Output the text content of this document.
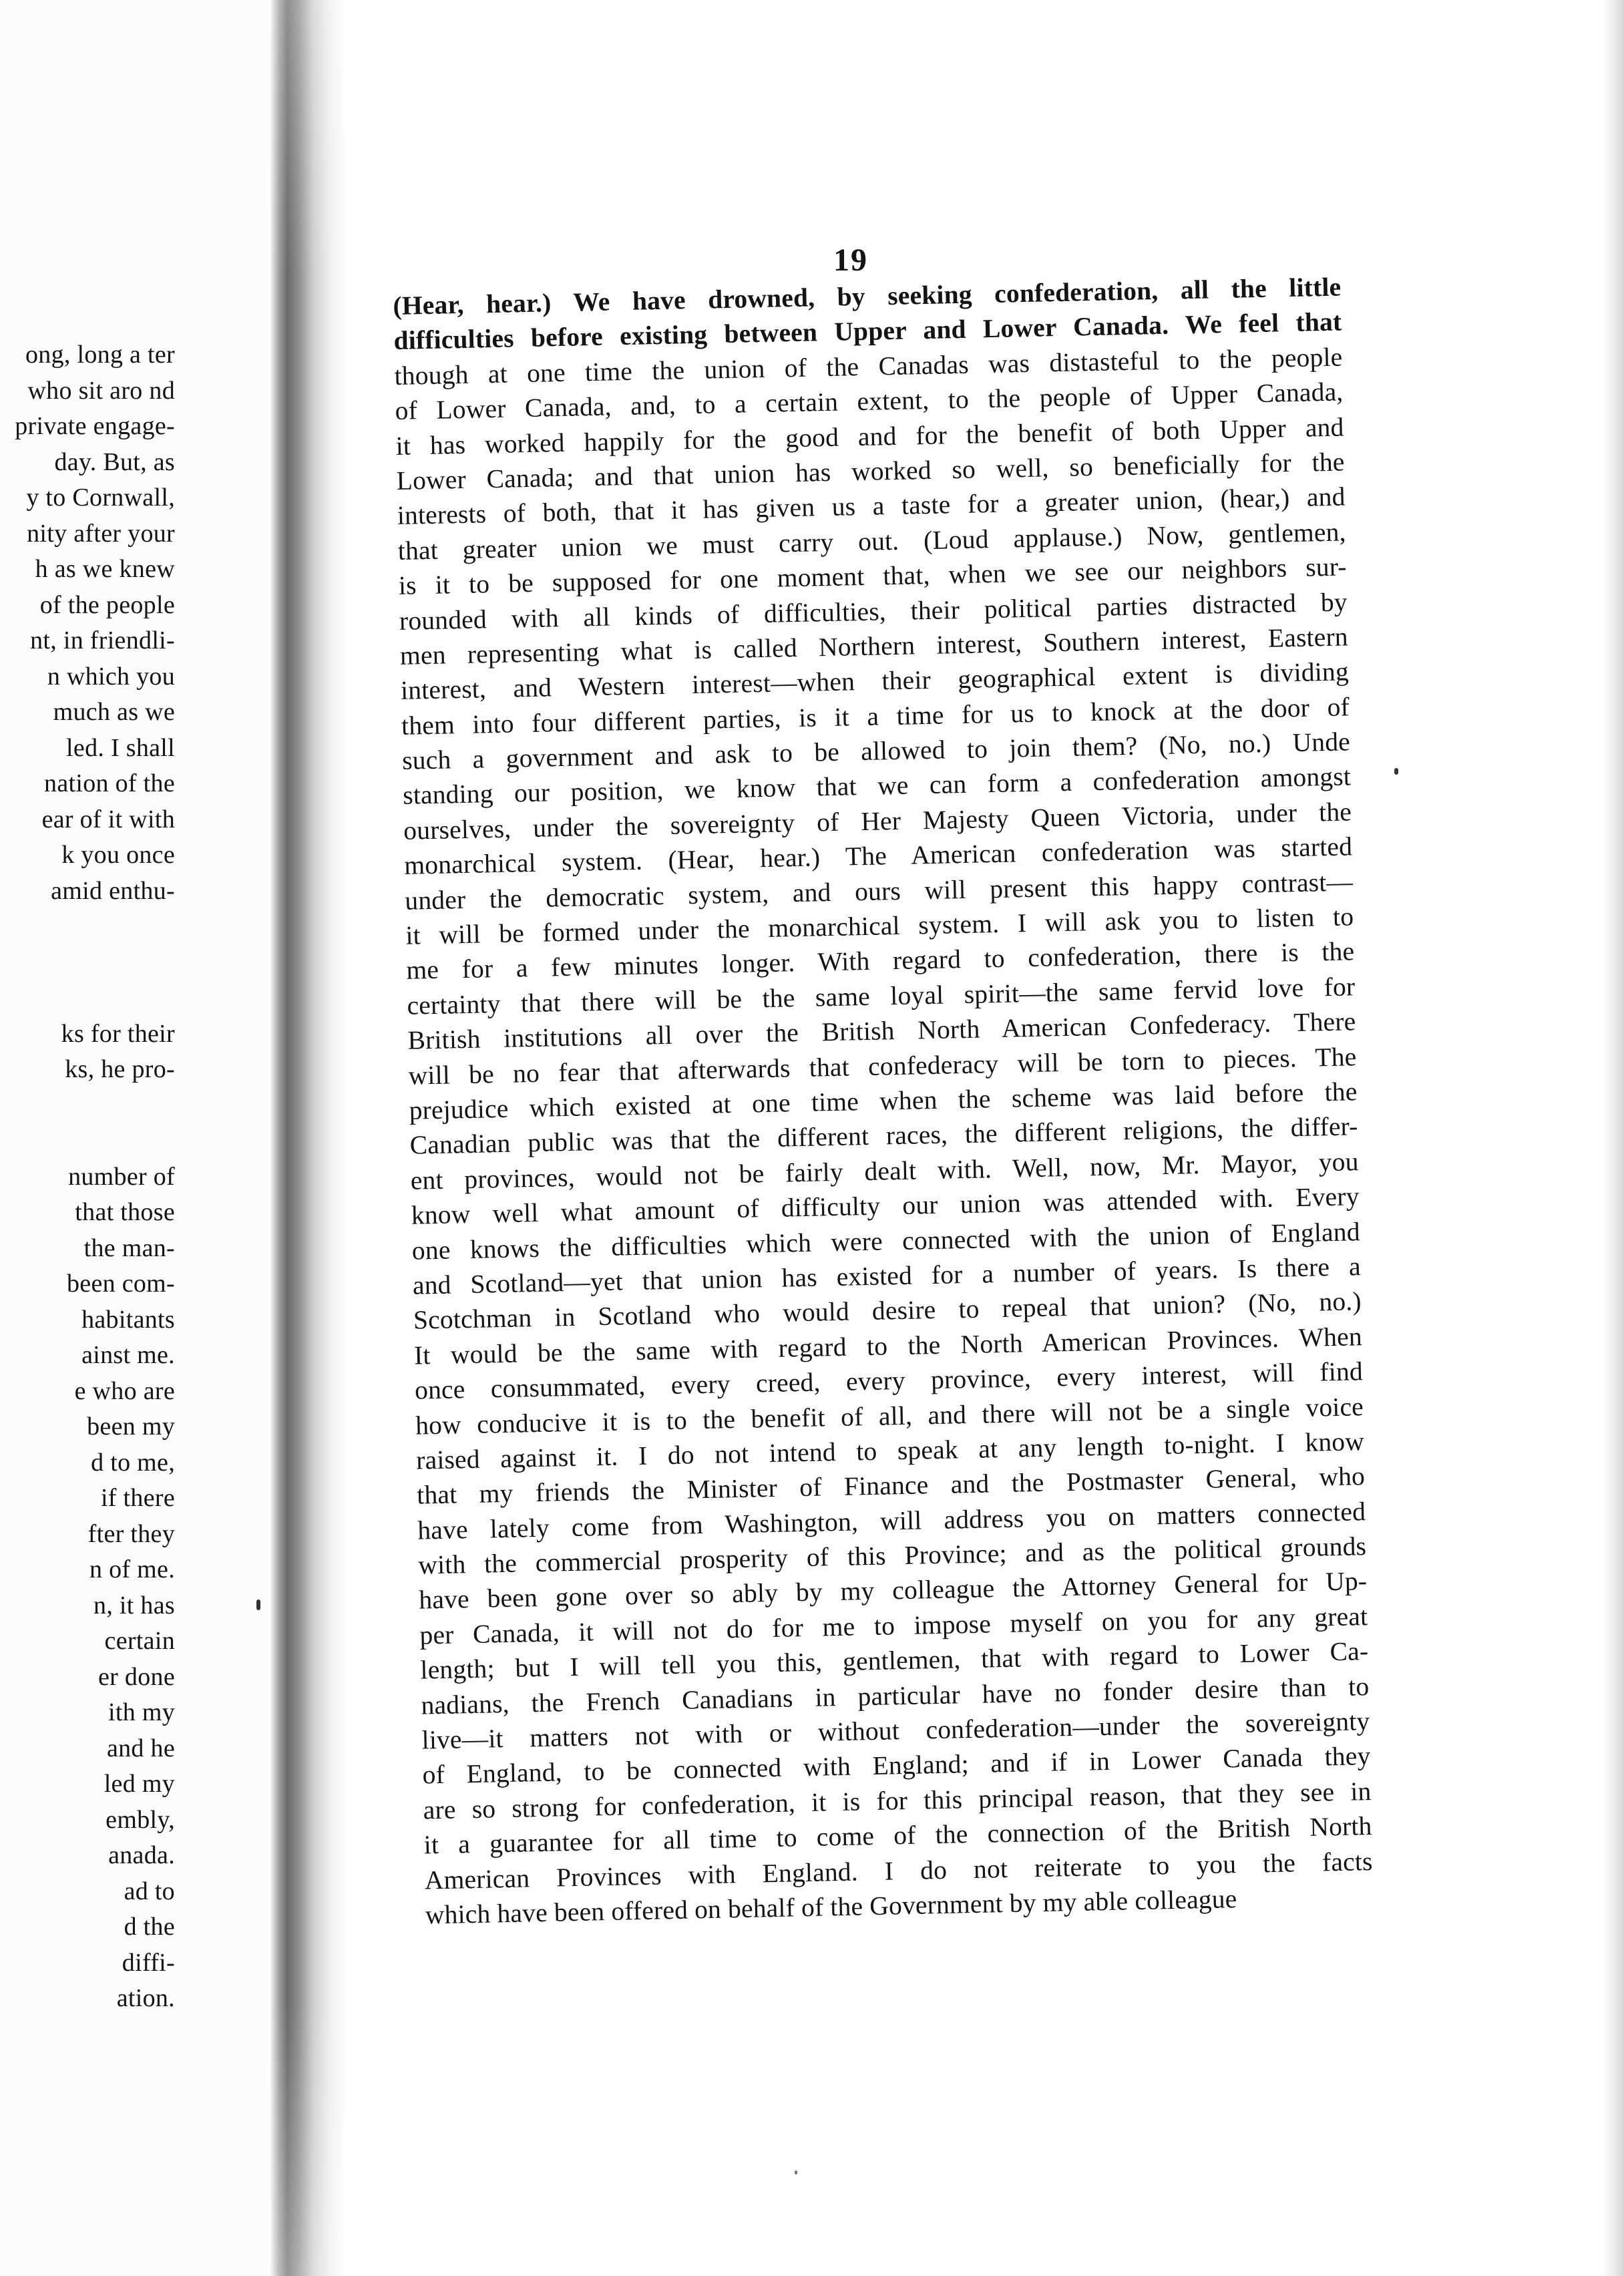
ong, long a ter
who sit aro nd
private engage-
day. But, as
y to Cornwall,
nity after your
h as we knew
of the people
nt, in friendli-
n which you
much as we
led. I shall
nation of the
ear of it with
k you once
amid enthu-
ks for their
ks, he pro-
number of
that those
the man-
been com-
habitants
ainst me.
e who are
been my
d to me,
if there
fter they
n of me.
n, it has
certain
er done
ith my
and he
led my
embly,
anada.
ad to
d the
diffi-
ation.
19
(Hear, hear.) We have drowned, by seeking confederation, all the little
difficulties before existing between Upper and Lower Canada. We feel that
though at one time the union of the Canadas was distasteful to the people
of Lower Canada, and, to a certain extent, to the people of Upper Canada,
it has worked happily for the good and for the benefit of both Upper and
Lower Canada; and that union has worked so well, so beneficially for the
interests of both, that it has given us a taste for a greater union, (hear,) and
that greater union we must carry out. (Loud applause.) Now, gentlemen,
is it to be supposed for one moment that, when we see our neighbors sur-
rounded with all kinds of difficulties, their political parties distracted by
men representing what is called Northern interest, Southern interest, Eastern
interest, and Western interest—when their geographical extent is dividing
them into four different parties, is it a time for us to knock at the door of
such a government and ask to be allowed to join them? (No, no.) Unde
standing our position, we know that we can form a confederation amongst
ourselves, under the sovereignty of Her Majesty Queen Victoria, under the
monarchical system. (Hear, hear.) The American confederation was started
under the democratic system, and ours will present this happy contrast—
it will be formed under the monarchical system. I will ask you to listen to
me for a few minutes longer. With regard to confederation, there is the
certainty that there will be the same loyal spirit—the same fervid love for
British institutions all over the British North American Confederacy. There
will be no fear that afterwards that confederacy will be torn to pieces. The
prejudice which existed at one time when the scheme was laid before the
Canadian public was that the different races, the different religions, the differ-
ent provinces, would not be fairly dealt with. Well, now, Mr. Mayor, you
know well what amount of difficulty our union was attended with. Every
one knows the difficulties which were connected with the union of England
and Scotland—yet that union has existed for a number of years. Is there a
Scotchman in Scotland who would desire to repeal that union? (No, no.)
It would be the same with regard to the North American Provinces. When
once consummated, every creed, every province, every interest, will find
how conducive it is to the benefit of all, and there will not be a single voice
raised against it. I do not intend to speak at any length to-night. I know
that my friends the Minister of Finance and the Postmaster General, who
have lately come from Washington, will address you on matters connected
with the commercial prosperity of this Province; and as the political grounds
have been gone over so ably by my colleague the Attorney General for Up-
per Canada, it will not do for me to impose myself on you for any great
length; but I will tell you this, gentlemen, that with regard to Lower Ca-
nadians, the French Canadians in particular have no fonder desire than to
live—it matters not with or without confederation—under the sovereignty
of England, to be connected with England; and if in Lower Canada they
are so strong for confederation, it is for this principal reason, that they see in
it a guarantee for all time to come of the connection of the British North
American Provinces with England. I do not reiterate to you the facts
which have been offered on behalf of the Government by my able colleague
